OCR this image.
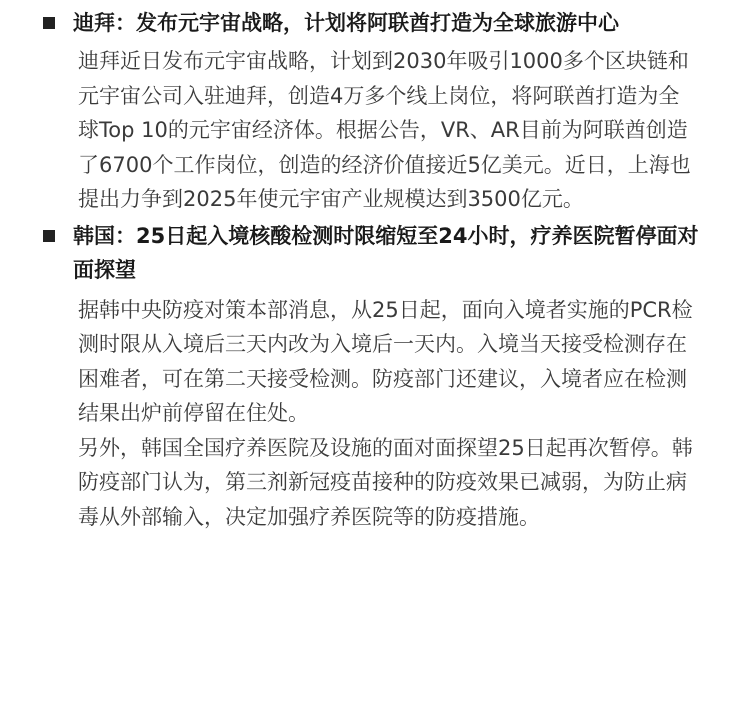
迪拜：发布元宇宙战略，计划将阿联酋打造为全球旅游中心

迪拜近日发布元宇宙战略，计划到2030年吸引1000多个区块链和元宇宙公司入驻迪拜，创造4万多个线上岗位，将阿联酋打造为全球Top 10的元宇宙经济体。根据公告，VR、AR目前为阿联酋创造了6700个工作岗位，创造的经济价值接近5亿美元。近日，上海也提出力争到2025年使元宇宙产业规模达到3500亿元。

韩国：25日起入境核酸检测时限缩短至24小时，疗养医院暂停面对面探望

据韩中央防疫对策本部消息，从25日起，面向入境者实施的PCR检测时限从入境后三天内改为入境后一天内。入境当天接受检测存在困难者，可在第二天接受检测。防疫部门还建议，入境者应在检测结果出炉前停留在住处。

另外，韩国全国疗养医院及设施的面对面探望25日起再次暂停。韩防疫部门认为，第三剂新冠疫苗接种的防疫效果已减弱，为防止病毒从外部输入，决定加强疗养医院等的防疫措施。
